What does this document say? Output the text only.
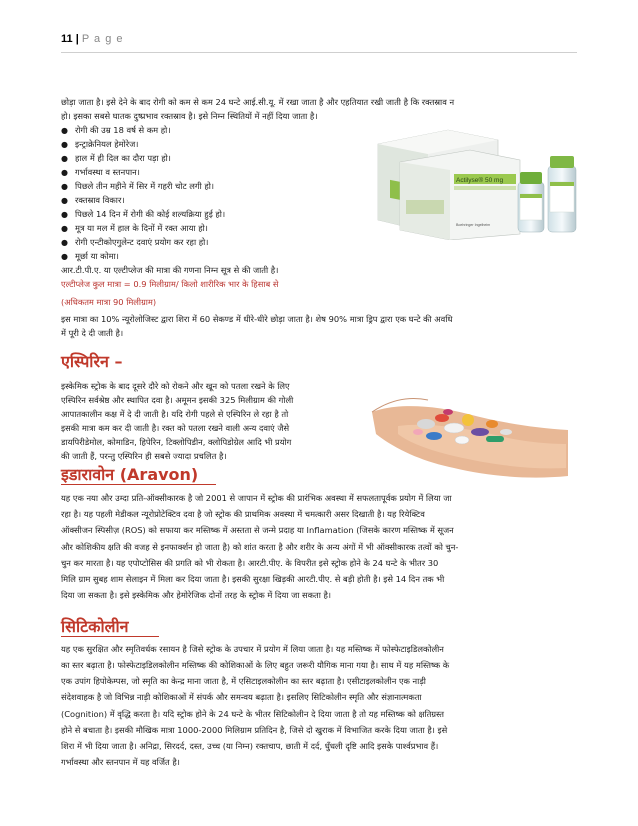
11 | P a g e

छोड़ा जाता है। इसे देने के बाद रोगी को कम से कम 24 घन्टे आई.सी.यू. में रखा जाता है और एहतियात रखी जाती है कि रक्तस्राव न

हो। इसका सबसे घातक दुष्प्रभाव रक्तस्राव है। इसे निम्न स्थितियों में नहीं दिया जाता है।

● रोगी की उम्र 18 वर्ष से कम हो।
● इन्ट्राक्रेनियल हेमोरेज।
● हाल में ही दिल का दौरा पड़ा हो।
● गर्भावस्था व स्तनपान।
● पिछले तीन महीने में सिर में गहरी चोट लगी हो।
● रक्तस्राव विकार।
● पिछले 14 दिन में रोगी की कोई शल्यक्रिया हुई हो।
● मूत्र या मल में हाल के दिनों में रक्त आया हो।
● रोगी एन्टीकोएगुलेन्ट दवाएं प्रयोग कर रहा हो।
● मूर्छा या कोमा।
Actilyse® 50 mg
Boehringer Ingelheim

आर.टी.पी.ए. या एल्टीप्लेज की मात्रा की गणना निम्न सूत्र से की जाती है।

एल्टीप्लेज कुल मात्रा = 0.9 मिलीग्राम/ किलो शारीरिक भार के हिसाब से

(अधिकतम मात्रा 90 मिलीग्राम)

इस मात्रा का 10% न्यूरोलोजिस्ट द्वारा शिरा में 60 सेकण्ड में धीरे-धीरे छोड़ा जाता है। शेष 90% मात्रा ड्रिप द्वारा एक घन्टे की अवधि

में पूरी दे दी जाती है।

एस्पिरिन –

इस्केमिक स्ट्रोक के बाद दूसरे दौरे को रोकने और खून को पतला रखने के लिए

एस्पिरिन सर्वश्रेष्ठ और स्थापित दवा है। अमूमन इसकी 325 मिलीग्राम की गोली

आपातकालीन कक्ष में दे दी जाती है। यदि रोगी पहले से एस्पिरिन ले रहा है तो

इसकी मात्रा कम कर दी जाती है। रक्त को पतला रखने वाली अन्य दवाएं जैसे

डायपिरीडेमोल, कोमाडिन, हिपेरिन, टिक्लोपिडीन, क्लोपिडोग्रेल आदि भी प्रयोग

की जाती हैं, परन्तु एस्पिरिन ही सबसे ज्यादा प्रचलित है।

इडारावोन (Aravon)

यह एक नया और उम्दा प्रति-ऑक्सीकारक है जो 2001 से जापान में स्ट्रोक की प्रारंभिक अवस्था में सफलतापूर्वक प्रयोग में लिया जा

रहा है। यह पहली मेडीकल न्यूरोप्रोटेक्टिव दवा है जो स्ट्रोक की प्राथमिक अवस्था में चमत्कारी असर दिखाती है। यह रियेक्टिव

ऑक्सीजन स्पिसीज़ (ROS) को सफाया कर मस्तिष्क में अस्तता से जन्मे प्रदाह या Inflamation (जिसके कारण मस्तिष्क में सूजन

और कोशिकीय क्षति की वजह से इनफार्क्शन हो जाता है) को शांत करता है और शरीर के अन्य अंगों में भी ऑक्सीकारक तत्वों को चुन-

चुन कर मारता है। यह एपोप्टोसिस की प्रगति को भी रोकता है। आरटी.पीए. के विपरीत इसे स्ट्रोक होने के 24 घन्टे के भीतर 30

मिलि ग्राम सुबह शाम सेलाइन में मिला कर दिया जाता है। इसकी सुरक्षा खिड़की आरटी.पीए. से बड़ी होती है। इसे 14 दिन तक भी

दिया जा सकता है। इसे इस्केमिक और हेमोरेजिक दोनों तरह के स्ट्रोक में दिया जा सकता है।

सिटिकोलीन

यह एक सुरक्षित और स्मृतिवर्धक रसायन है जिसे स्ट्रोक के उपचार में प्रयोग में लिया जाता है। यह मस्तिष्क में फोस्फेटाइडिलकोलीन

का स्तर बढ़ाता है। फोस्फेटाइडिलकोलीन मस्तिष्क की कोशिकाओं के लिए बहुत जरूरी यौगिक माना गया है। साथ में यह मस्तिष्क के

एक उपांग हिपोकेम्पस, जो स्मृति का केन्द्र माना जाता है, में एसिटाइलकोलीन का स्तर बढ़ाता है। एसीटाइलकोलीन एक नाड़ी

संदेशवाहक है जो विभिन्न नाड़ी कोशिकाओं में संपर्क और समन्वय बढ़ाता है। इसलिए सिटिकोलीन स्मृति और संज्ञानात्मकता

(Cognition) में वृद्धि करता है। यदि स्ट्रोक होने के 24 घन्टे के भीतर सिटिकोलीन दे दिया जाता है तो यह मस्तिष्क को क्षतिग्रस्त

होने से बचाता है। इसकी मौखिक मात्रा 1000-2000 मिलिग्राम प्रतिदिन है, जिसे दो खुराक में विभाजित करके दिया जाता है। इसे

शिरा में भी दिया जाता है। अनिद्रा, सिरदर्द, दस्त, उच्च (या निम्न) रक्तचाप, छाती में दर्द, धुँधली दृष्टि आदि इसके पार्श्वप्रभाव हैं।

गर्भावस्था और स्तनपान में यह वर्जित है।
